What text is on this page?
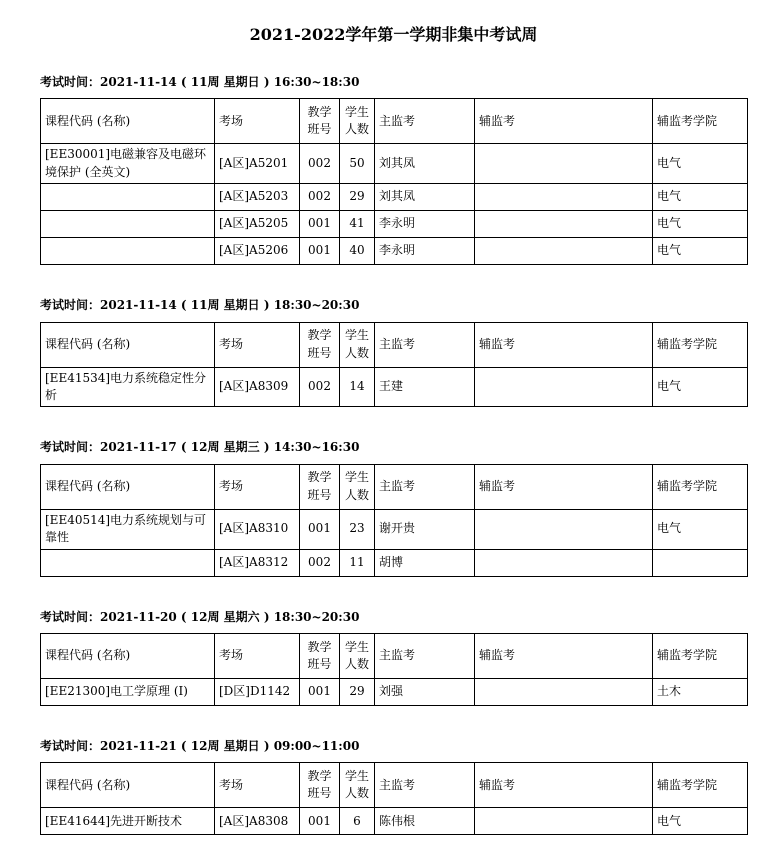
2021-2022学年第一学期非集中考试周
考试时间：2021-11-14 ( 11周 星期日 ) 16:30~18:30
课程代码 (名称)	考场	教学班号	学生人数	主监考	辅监考	辅监考学院
[EE30001]电磁兼容及电磁环境保护 (全英文)	[A区]A5201	002	50	刘其凤		电气
	[A区]A5203	002	29	刘其凤		电气
	[A区]A5205	001	41	李永明		电气
	[A区]A5206	001	40	李永明		电气
考试时间：2021-11-14 ( 11周 星期日 ) 18:30~20:30
课程代码 (名称)	考场	教学班号	学生人数	主监考	辅监考	辅监考学院
[EE41534]电力系统稳定性分析	[A区]A8309	002	14	王建		电气
考试时间：2021-11-17 ( 12周 星期三 ) 14:30~16:30
课程代码 (名称)	考场	教学班号	学生人数	主监考	辅监考	辅监考学院
[EE40514]电力系统规划与可靠性	[A区]A8310	001	23	谢开贵		电气
	[A区]A8312	002	11	胡博		
考试时间：2021-11-20 ( 12周 星期六 ) 18:30~20:30
课程代码 (名称)	考场	教学班号	学生人数	主监考	辅监考	辅监考学院
[EE21300]电工学原理 (Ⅰ)	[D区]D1142	001	29	刘强		土木
考试时间：2021-11-21 ( 12周 星期日 ) 09:00~11:00
课程代码 (名称)	考场	教学班号	学生人数	主监考	辅监考	辅监考学院
[EE41644]先进开断技术	[A区]A8308	001	6	陈伟根		电气
